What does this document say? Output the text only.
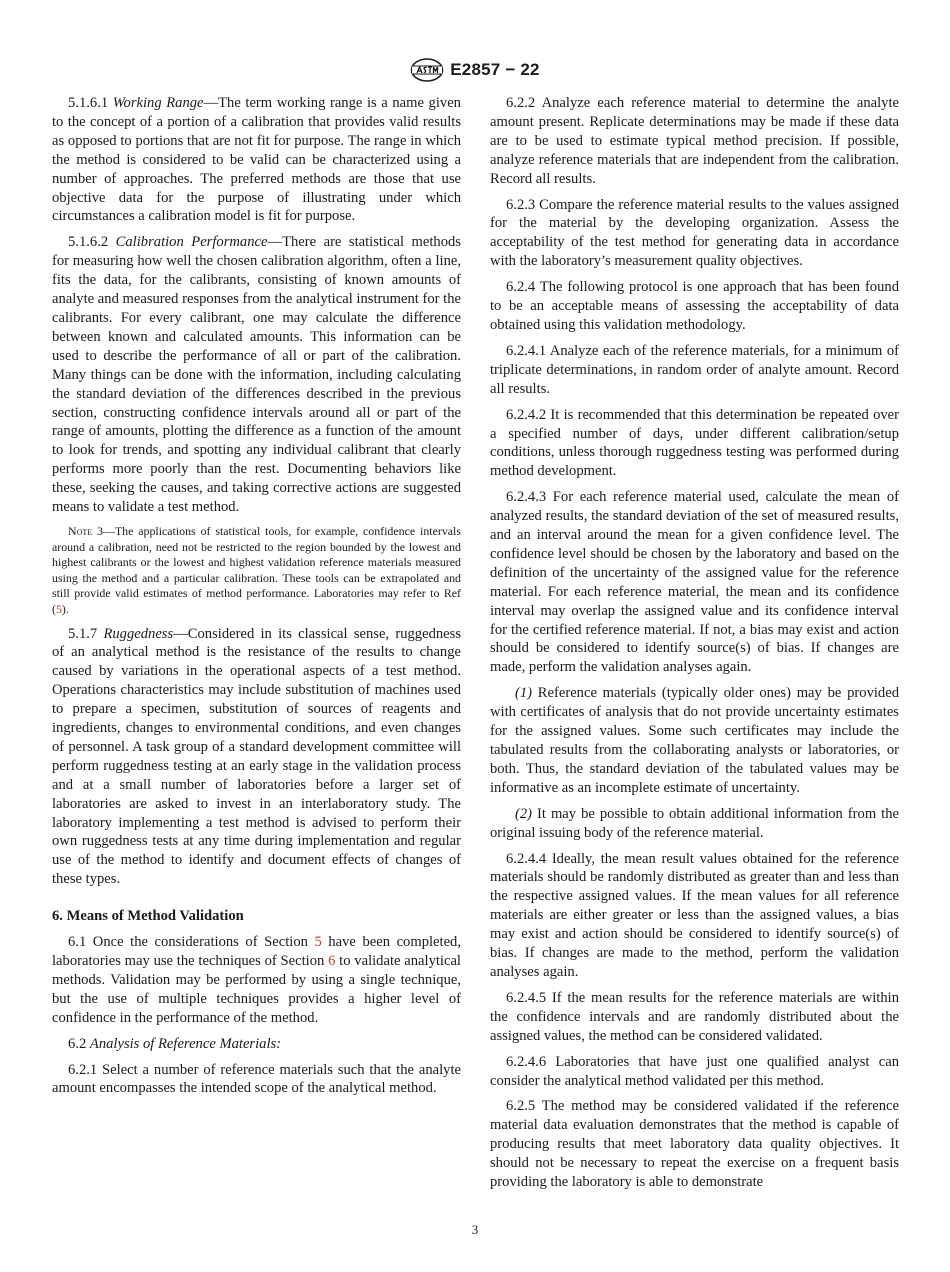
E2857 − 22

5.1.6.1 Working Range—The term working range is a name given to the concept of a portion of a calibration that provides valid results as opposed to portions that are not fit for purpose. The range in which the method is considered to be valid can be characterized using a number of approaches. The preferred methods are those that use objective data for the purpose of illustrating under which circumstances a calibration model is fit for purpose.

5.1.6.2 Calibration Performance—There are statistical methods for measuring how well the chosen calibration algorithm, often a line, fits the data, for the calibrants, consisting of known amounts of analyte and measured responses from the analytical instrument for the calibrants. For every calibrant, one may calculate the difference between known and calculated amounts. This information can be used to describe the performance of all or part of the calibration. Many things can be done with the information, including calculating the standard deviation of the differences described in the previous section, constructing confidence intervals around all or part of the range of amounts, plotting the difference as a function of the amount to look for trends, and spotting any individual calibrant that clearly performs more poorly than the rest. Documenting behaviors like these, seeking the causes, and taking corrective actions are suggested means to validate a test method.

Note 3—The applications of statistical tools, for example, confidence intervals around a calibration, need not be restricted to the region bounded by the lowest and highest calibrants or the lowest and highest validation reference materials measured using the method and a particular calibration. These tools can be extrapolated and still provide valid estimates of method performance. Laboratories may refer to Ref (5).

5.1.7 Ruggedness—Considered in its classical sense, ruggedness of an analytical method is the resistance of the results to change caused by variations in the operational aspects of a test method. Operations characteristics may include substitution of machines used to prepare a specimen, substitution of sources of reagents and ingredients, changes to environmental conditions, and even changes of personnel. A task group of a standard development committee will perform ruggedness testing at an early stage in the validation process and at a small number of laboratories before a larger set of laboratories are asked to invest in an interlaboratory study. The laboratory implementing a test method is advised to perform their own ruggedness tests at any time during implementation and regular use of the method to identify and document effects of changes of these types.

6. Means of Method Validation

6.1 Once the considerations of Section 5 have been completed, laboratories may use the techniques of Section 6 to validate analytical methods. Validation may be performed by using a single technique, but the use of multiple techniques provides a higher level of confidence in the performance of the method.

6.2 Analysis of Reference Materials:

6.2.1 Select a number of reference materials such that the analyte amount encompasses the intended scope of the analytical method.

6.2.2 Analyze each reference material to determine the analyte amount present. Replicate determinations may be made if these data are to be used to estimate typical method precision. If possible, analyze reference materials that are independent from the calibration. Record all results.

6.2.3 Compare the reference material results to the values assigned for the material by the developing organization. Assess the acceptability of the test method for generating data in accordance with the laboratory’s measurement quality objectives.

6.2.4 The following protocol is one approach that has been found to be an acceptable means of assessing the acceptability of data obtained using this validation methodology.

6.2.4.1 Analyze each of the reference materials, for a minimum of triplicate determinations, in random order of analyte amount. Record all results.

6.2.4.2 It is recommended that this determination be repeated over a specified number of days, under different calibration/setup conditions, unless thorough ruggedness testing was performed during method development.

6.2.4.3 For each reference material used, calculate the mean of analyzed results, the standard deviation of the set of measured results, and an interval around the mean for a given confidence level. The confidence level should be chosen by the laboratory and based on the definition of the uncertainty of the assigned value for the reference material. For each reference material, the mean and its confidence interval may overlap the assigned value and its confidence interval for the certified reference material. If not, a bias may exist and action should be considered to identify source(s) of bias. If changes are made, perform the validation analyses again.

(1) Reference materials (typically older ones) may be provided with certificates of analysis that do not provide uncertainty estimates for the assigned values. Some such certificates may include the tabulated results from the collaborating analysts or laboratories, or both. Thus, the standard deviation of the tabulated values may be informative as an incomplete estimate of uncertainty.

(2) It may be possible to obtain additional information from the original issuing body of the reference material.

6.2.4.4 Ideally, the mean result values obtained for the reference materials should be randomly distributed as greater than and less than the respective assigned values. If the mean values for all reference materials are either greater or less than the assigned values, a bias may exist and action should be considered to identify source(s) of bias. If changes are made to the method, perform the validation analyses again.

6.2.4.5 If the mean results for the reference materials are within the confidence intervals and are randomly distributed about the assigned values, the method can be considered validated.

6.2.4.6 Laboratories that have just one qualified analyst can consider the analytical method validated per this method.

6.2.5 The method may be considered validated if the reference material data evaluation demonstrates that the method is capable of producing results that meet laboratory data quality objectives. It should not be necessary to repeat the exercise on a frequent basis providing the laboratory is able to demonstrate

3
